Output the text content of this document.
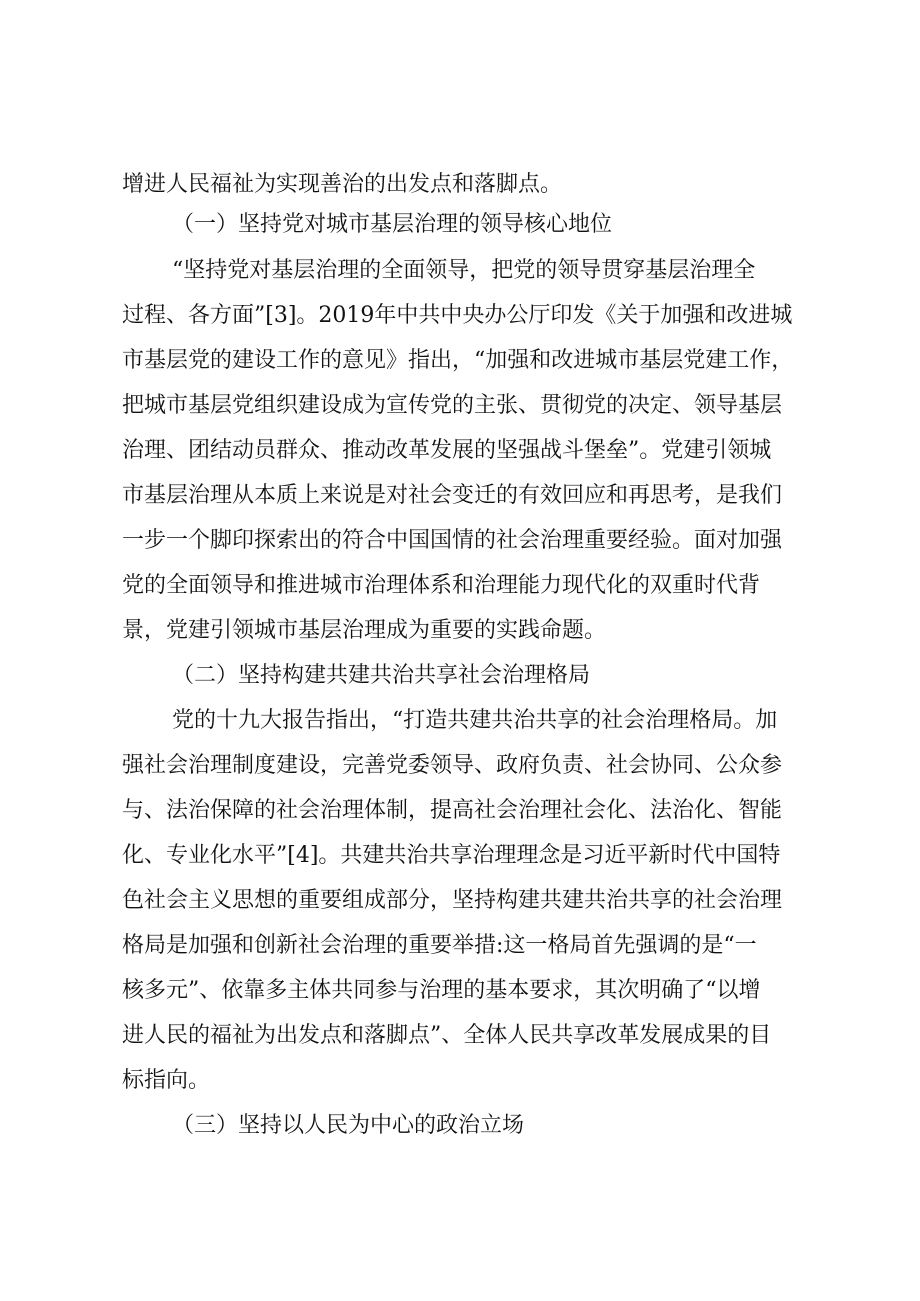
增进人民福祉为实现善治的出发点和落脚点。

（一）坚持党对城市基层治理的领导核心地位

“坚持党对基层治理的全面领导，把党的领导贯穿基层治理全

过程、各方面”[3]。2019年中共中央办公厅印发《关于加强和改进城

市基层党的建设工作的意见》指出，“加强和改进城市基层党建工作，

把城市基层党组织建设成为宣传党的主张、贯彻党的决定、领导基层

治理、团结动员群众、推动改革发展的坚强战斗堡垒”。党建引领城

市基层治理从本质上来说是对社会变迁的有效回应和再思考，是我们

一步一个脚印探索出的符合中国国情的社会治理重要经验。面对加强

党的全面领导和推进城市治理体系和治理能力现代化的双重时代背

景，党建引领城市基层治理成为重要的实践命题。

（二）坚持构建共建共治共享社会治理格局

党的十九大报告指出，“打造共建共治共享的社会治理格局。加

强社会治理制度建设，完善党委领导、政府负责、社会协同、公众参

与、法治保障的社会治理体制，提高社会治理社会化、法治化、智能

化、专业化水平”[4]。共建共治共享治理理念是习近平新时代中国特

色社会主义思想的重要组成部分，坚持构建共建共治共享的社会治理

格局是加强和创新社会治理的重要举措:这一格局首先强调的是“一

核多元”、依靠多主体共同参与治理的基本要求，其次明确了“以增

进人民的福祉为出发点和落脚点”、全体人民共享改革发展成果的目

标指向。

（三）坚持以人民为中心的政治立场
